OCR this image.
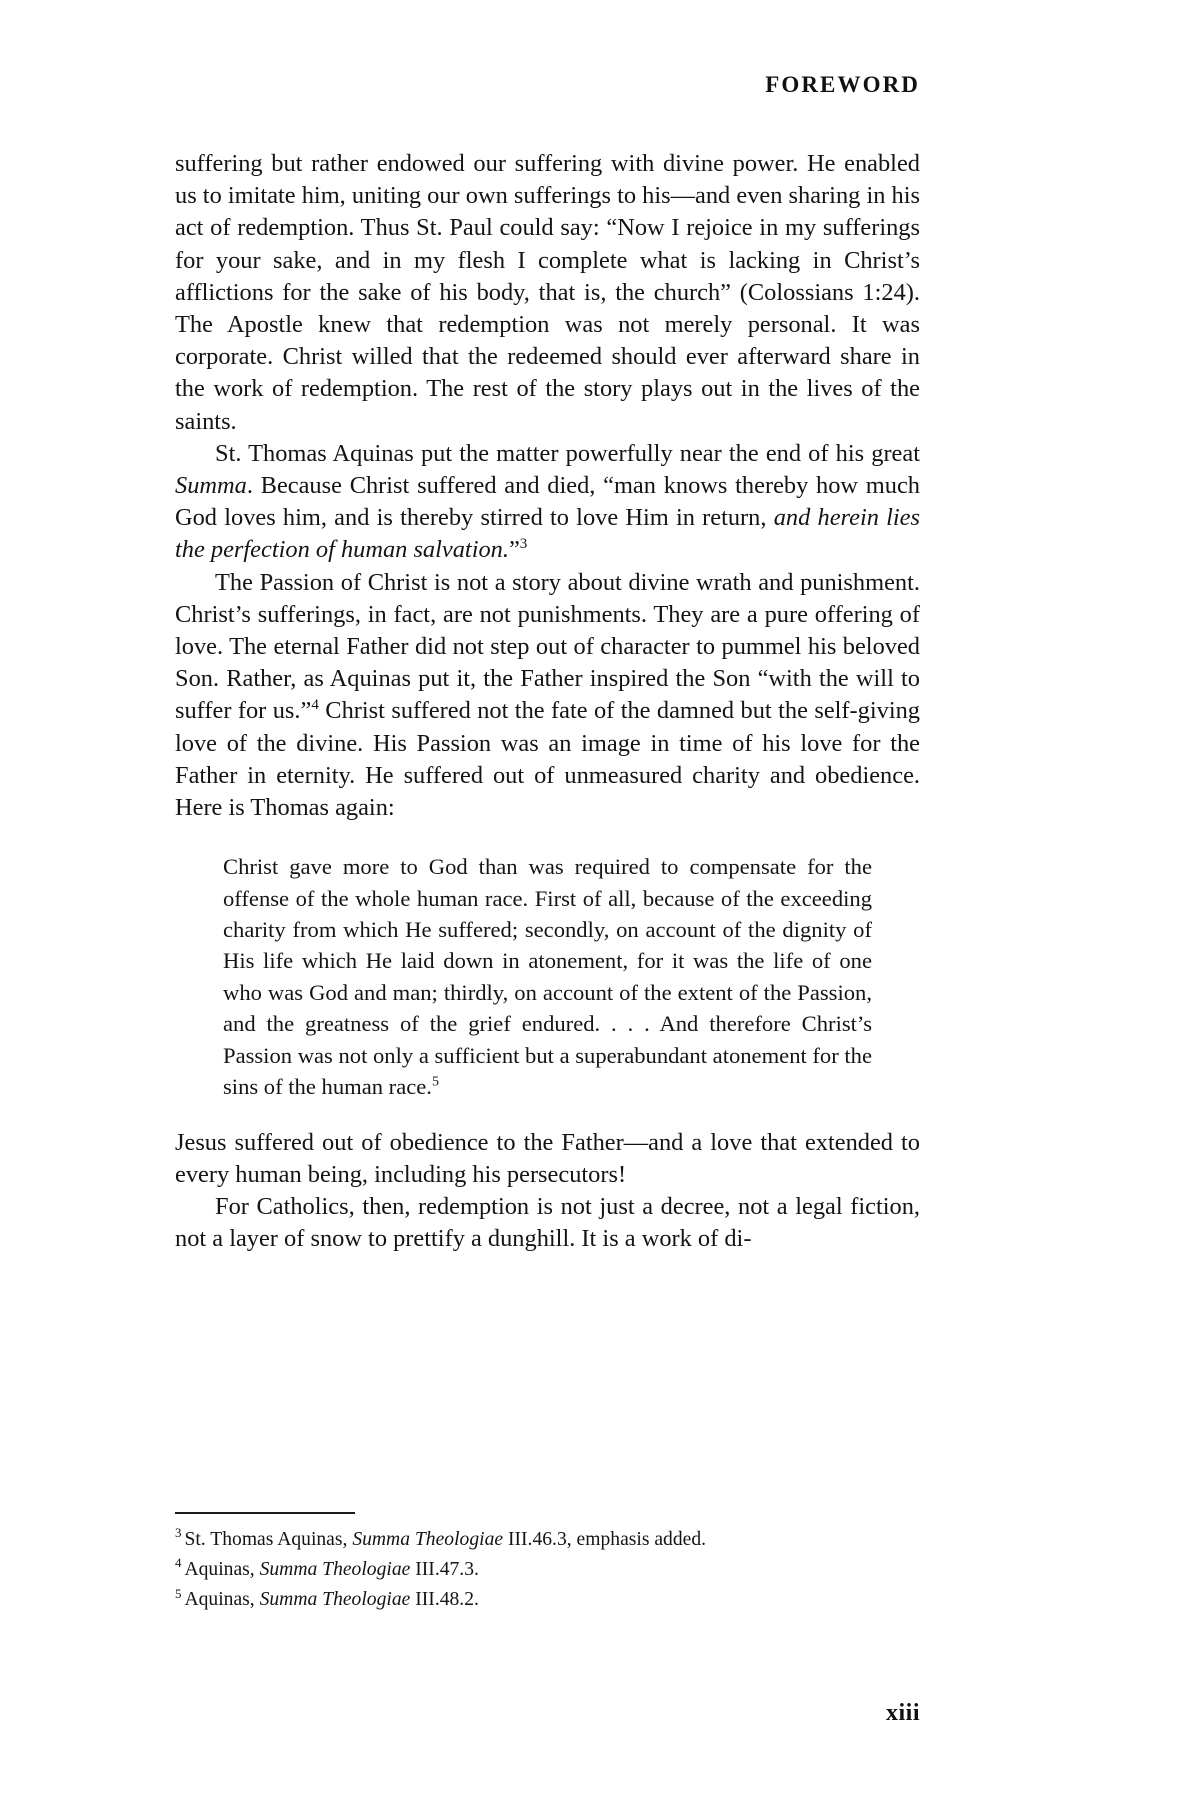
FOREWORD

suffering but rather endowed our suffering with divine power. He enabled us to imitate him, uniting our own sufferings to his—and even sharing in his act of redemption. Thus St. Paul could say: “Now I rejoice in my sufferings for your sake, and in my flesh I complete what is lacking in Christ’s afflictions for the sake of his body, that is, the church” (Colossians 1:24). The Apostle knew that redemption was not merely personal. It was corporate. Christ willed that the redeemed should ever afterward share in the work of redemption. The rest of the story plays out in the lives of the saints.

St. Thomas Aquinas put the matter powerfully near the end of his great Summa. Because Christ suffered and died, “man knows thereby how much God loves him, and is thereby stirred to love Him in return, and herein lies the perfection of human salvation.”$^3$

The Passion of Christ is not a story about divine wrath and punishment. Christ’s sufferings, in fact, are not punishments. They are a pure offering of love. The eternal Father did not step out of character to pummel his beloved Son. Rather, as Aquinas put it, the Father inspired the Son “with the will to suffer for us.”$^4$ Christ suffered not the fate of the damned but the self-giving love of the divine. His Passion was an image in time of his love for the Father in eternity. He suffered out of unmeasured charity and obedience. Here is Thomas again:

Christ gave more to God than was required to compensate for the offense of the whole human race. First of all, because of the exceeding charity from which He suffered; secondly, on account of the dignity of His life which He laid down in atonement, for it was the life of one who was God and man; thirdly, on account of the extent of the Passion, and the greatness of the grief endured. . . . And therefore Christ’s Passion was not only a sufficient but a superabundant atonement for the sins of the human race.$^5$

Jesus suffered out of obedience to the Father—and a love that extended to every human being, including his persecutors!

For Catholics, then, redemption is not just a decree, not a legal fiction, not a layer of snow to prettify a dunghill. It is a work of di-

$^3$ St. Thomas Aquinas, Summa Theologiae III.46.3, emphasis added.

$^4$ Aquinas, Summa Theologiae III.47.3.

$^5$ Aquinas, Summa Theologiae III.48.2.

xiii
